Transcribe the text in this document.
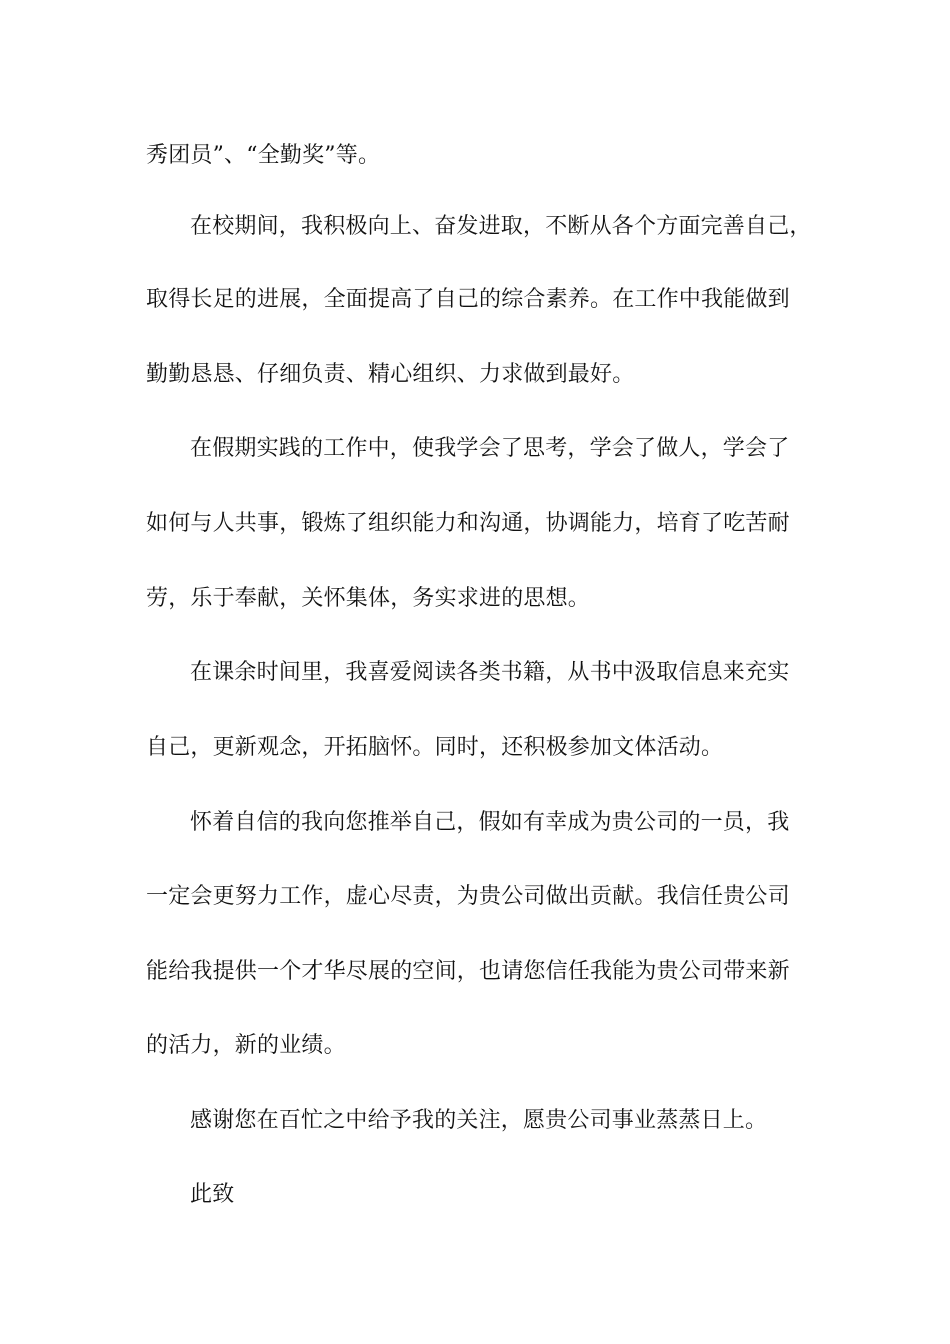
秀团员”、“全勤奖”等。

在校期间，我积极向上、奋发进取，不断从各个方面完善自己，

取得长足的进展，全面提高了自己的综合素养。在工作中我能做到

勤勤恳恳、仔细负责、精心组织、力求做到最好。

在假期实践的工作中，使我学会了思考，学会了做人，学会了

如何与人共事，锻炼了组织能力和沟通，协调能力，培育了吃苦耐

劳，乐于奉献，关怀集体，务实求进的思想。

在课余时间里，我喜爱阅读各类书籍，从书中汲取信息来充实

自己，更新观念，开拓脑怀。同时，还积极参加文体活动。

怀着自信的我向您推举自己，假如有幸成为贵公司的一员，我

一定会更努力工作，虚心尽责，为贵公司做出贡献。我信任贵公司

能给我提供一个才华尽展的空间，也请您信任我能为贵公司带来新

的活力，新的业绩。

感谢您在百忙之中给予我的关注，愿贵公司事业蒸蒸日上。

此致
